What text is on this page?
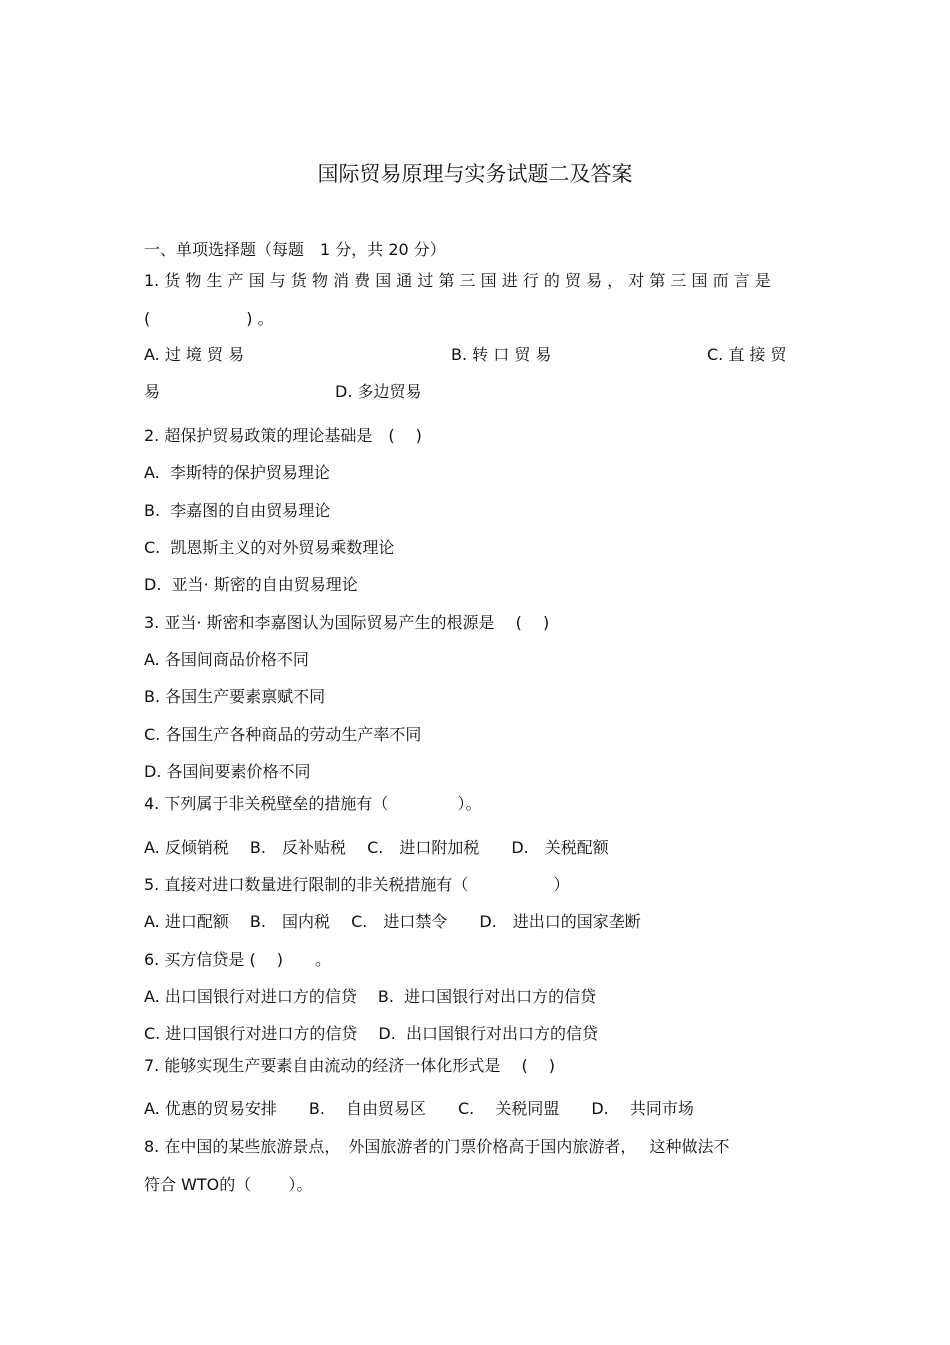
国际贸易原理与实务试题二及答案
一、单项选择题（每题　1 分，共 20 分）
1. 货 物 生 产 国 与 货 物 消 费 国 通 过 第 三 国 进 行 的 贸 易 ， 对 第 三 国 而 言 是
(　　　　　　) 。
A. 过 境 贸 易	B. 转 口 贸 易	C. 直 接 贸
易	D. 多边贸易
2. 超保护贸易政策的理论基础是　(　 )
A.  李斯特的保护贸易理论
B.  李嘉图的自由贸易理论
C.  凯恩斯主义的对外贸易乘数理论
D.  亚当· 斯密的自由贸易理论
3. 亚当· 斯密和李嘉图认为国际贸易产生的根源是　 (　 )
A. 各国间商品价格不同
B. 各国生产要素禀赋不同
C. 各国生产各种商品的劳动生产率不同
D. 各国间要素价格不同
4. 下列属于非关税壁垒的措施有（　　　　 ）。
A. 反倾销税　 B.　反补贴税　 C.　进口附加税　　D.　关税配额
5. 直接对进口数量进行限制的非关税措施有（　　　　　 ）
A. 进口配额　 B.　国内税　 C.　进口禁令　　D.　进出口的国家垄断
6. 买方信贷是 (　 )　　。
A. 出口国银行对进口方的信贷　 B.  进口国银行对出口方的信贷
C. 进口国银行对进口方的信贷　 D.  出口国银行对出口方的信贷
7. 能够实现生产要素自由流动的经济一体化形式是　 (　 )
A. 优惠的贸易安排　　B.　 自由贸易区　　C.　 关税同盟　　D.　 共同市场
8. 在中国的某些旅游景点，　外国旅游者的门票价格高于国内旅游者，　 这种做法不
符合 WTO的（　　 ）。
